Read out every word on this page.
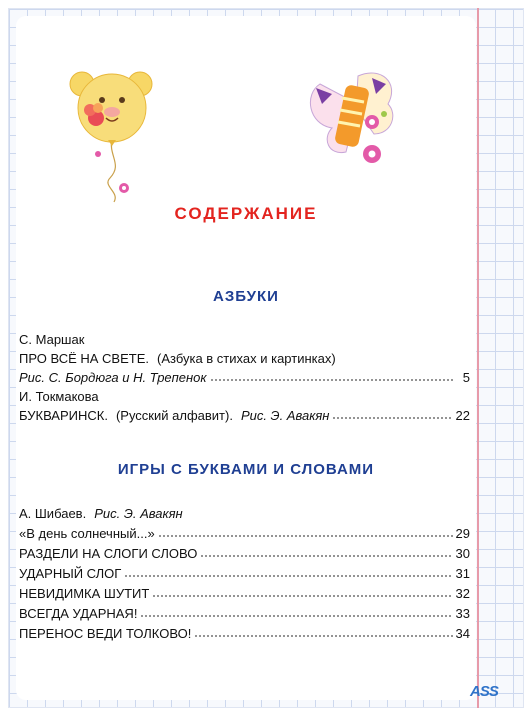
СОДЕРЖАНИЕ
АЗБУКИ
С. Маршак
ПРО ВСЁ НА СВЕТЕ. (Азбука в стихах и картинках)
Рис. С. Бордюга и Н. Трепенок	5
И. Токмакова
БУКВАРИНСК. (Русский алфавит). Рис. Э. Авакян	22
ИГРЫ С БУКВАМИ И СЛОВАМИ
А. Шибаев. Рис. Э. Авакян
«В день солнечный...»	29
РАЗДЕЛИ НА СЛОГИ СЛОВО	30
УДАРНЫЙ СЛОГ	31
НЕВИДИМКА ШУТИТ	32
ВСЕГДА УДАРНАЯ!	33
ПЕРЕНОС ВЕДИ ТОЛКОВО!	34
ASS
